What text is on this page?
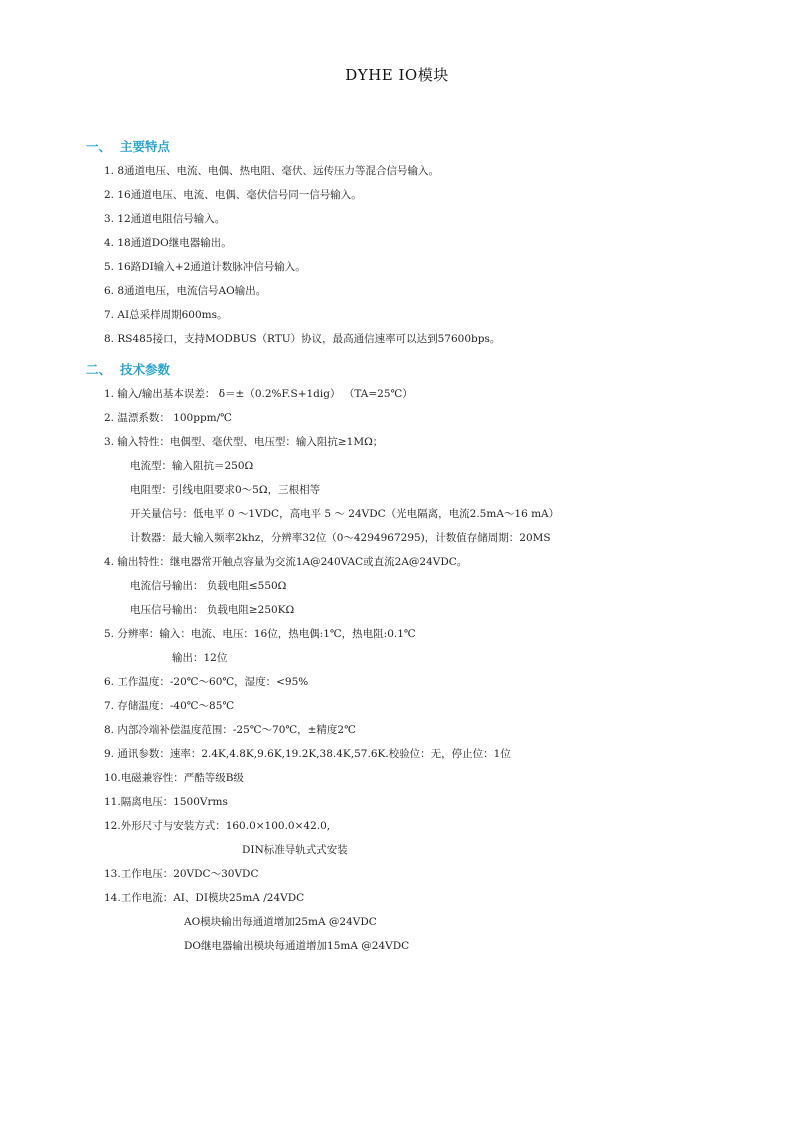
DYHE IO模块
一、 主要特点
1. 8通道电压、电流、电偶、热电阻、毫伏、远传压力等混合信号输入。
2. 16通道电压、电流、电偶、毫伏信号同一信号输入。
3. 12通道电阻信号输入。
4. 18通道DO继电器输出。
5. 16路DI输入+2通道计数脉冲信号输入。
6. 8通道电压，电流信号AO输出。
7. AI总采样周期600ms。
8. RS485接口，支持MODBUS（RTU）协议，最高通信速率可以达到57600bps。
二、 技术参数
1. 输入/输出基本误差： δ＝±（0.2%F.S+1dig） （TA=25℃）
2. 温漂系数： 100ppm/℃
3. 输入特性：电偶型、毫伏型、电压型：输入阻抗≥1MΩ；
电流型：输入阻抗＝250Ω
电阻型：引线电阻要求0～5Ω，三根相等
开关量信号：低电平 0 ～1VDC，高电平 5 ～ 24VDC（光电隔离，电流2.5mA～16 mA）
计数器：最大输入频率2khz，分辨率32位（0～4294967295)，计数值存储周期：20MS
4. 输出特性：继电器常开触点容量为交流1A@240VAC或直流2A@24VDC。
电流信号输出： 负载电阻≤550Ω
电压信号输出： 负载电阻≥250KΩ
5. 分辨率：输入：电流、电压：16位，热电偶:1℃，热电阻:0.1℃
输出：12位
6. 工作温度：-20℃～60℃，湿度：<95%
7. 存储温度：-40℃～85℃
8. 内部冷端补偿温度范围：-25℃～70℃，±精度2℃
9. 通讯参数：速率：2.4K,4.8K,9.6K,19.2K,38.4K,57.6K.校验位：无，停止位：1位
10.电磁兼容性：严酷等级B级
11.隔离电压：1500Vrms
12.外形尺寸与安装方式：160.0×100.0×42.0,
DIN标准导轨式式安装
13.工作电压：20VDC～30VDC
14.工作电流：AI、DI模块25mA /24VDC
AO模块输出每通道增加25mA @24VDC
DO继电器输出模块每通道增加15mA @24VDC
